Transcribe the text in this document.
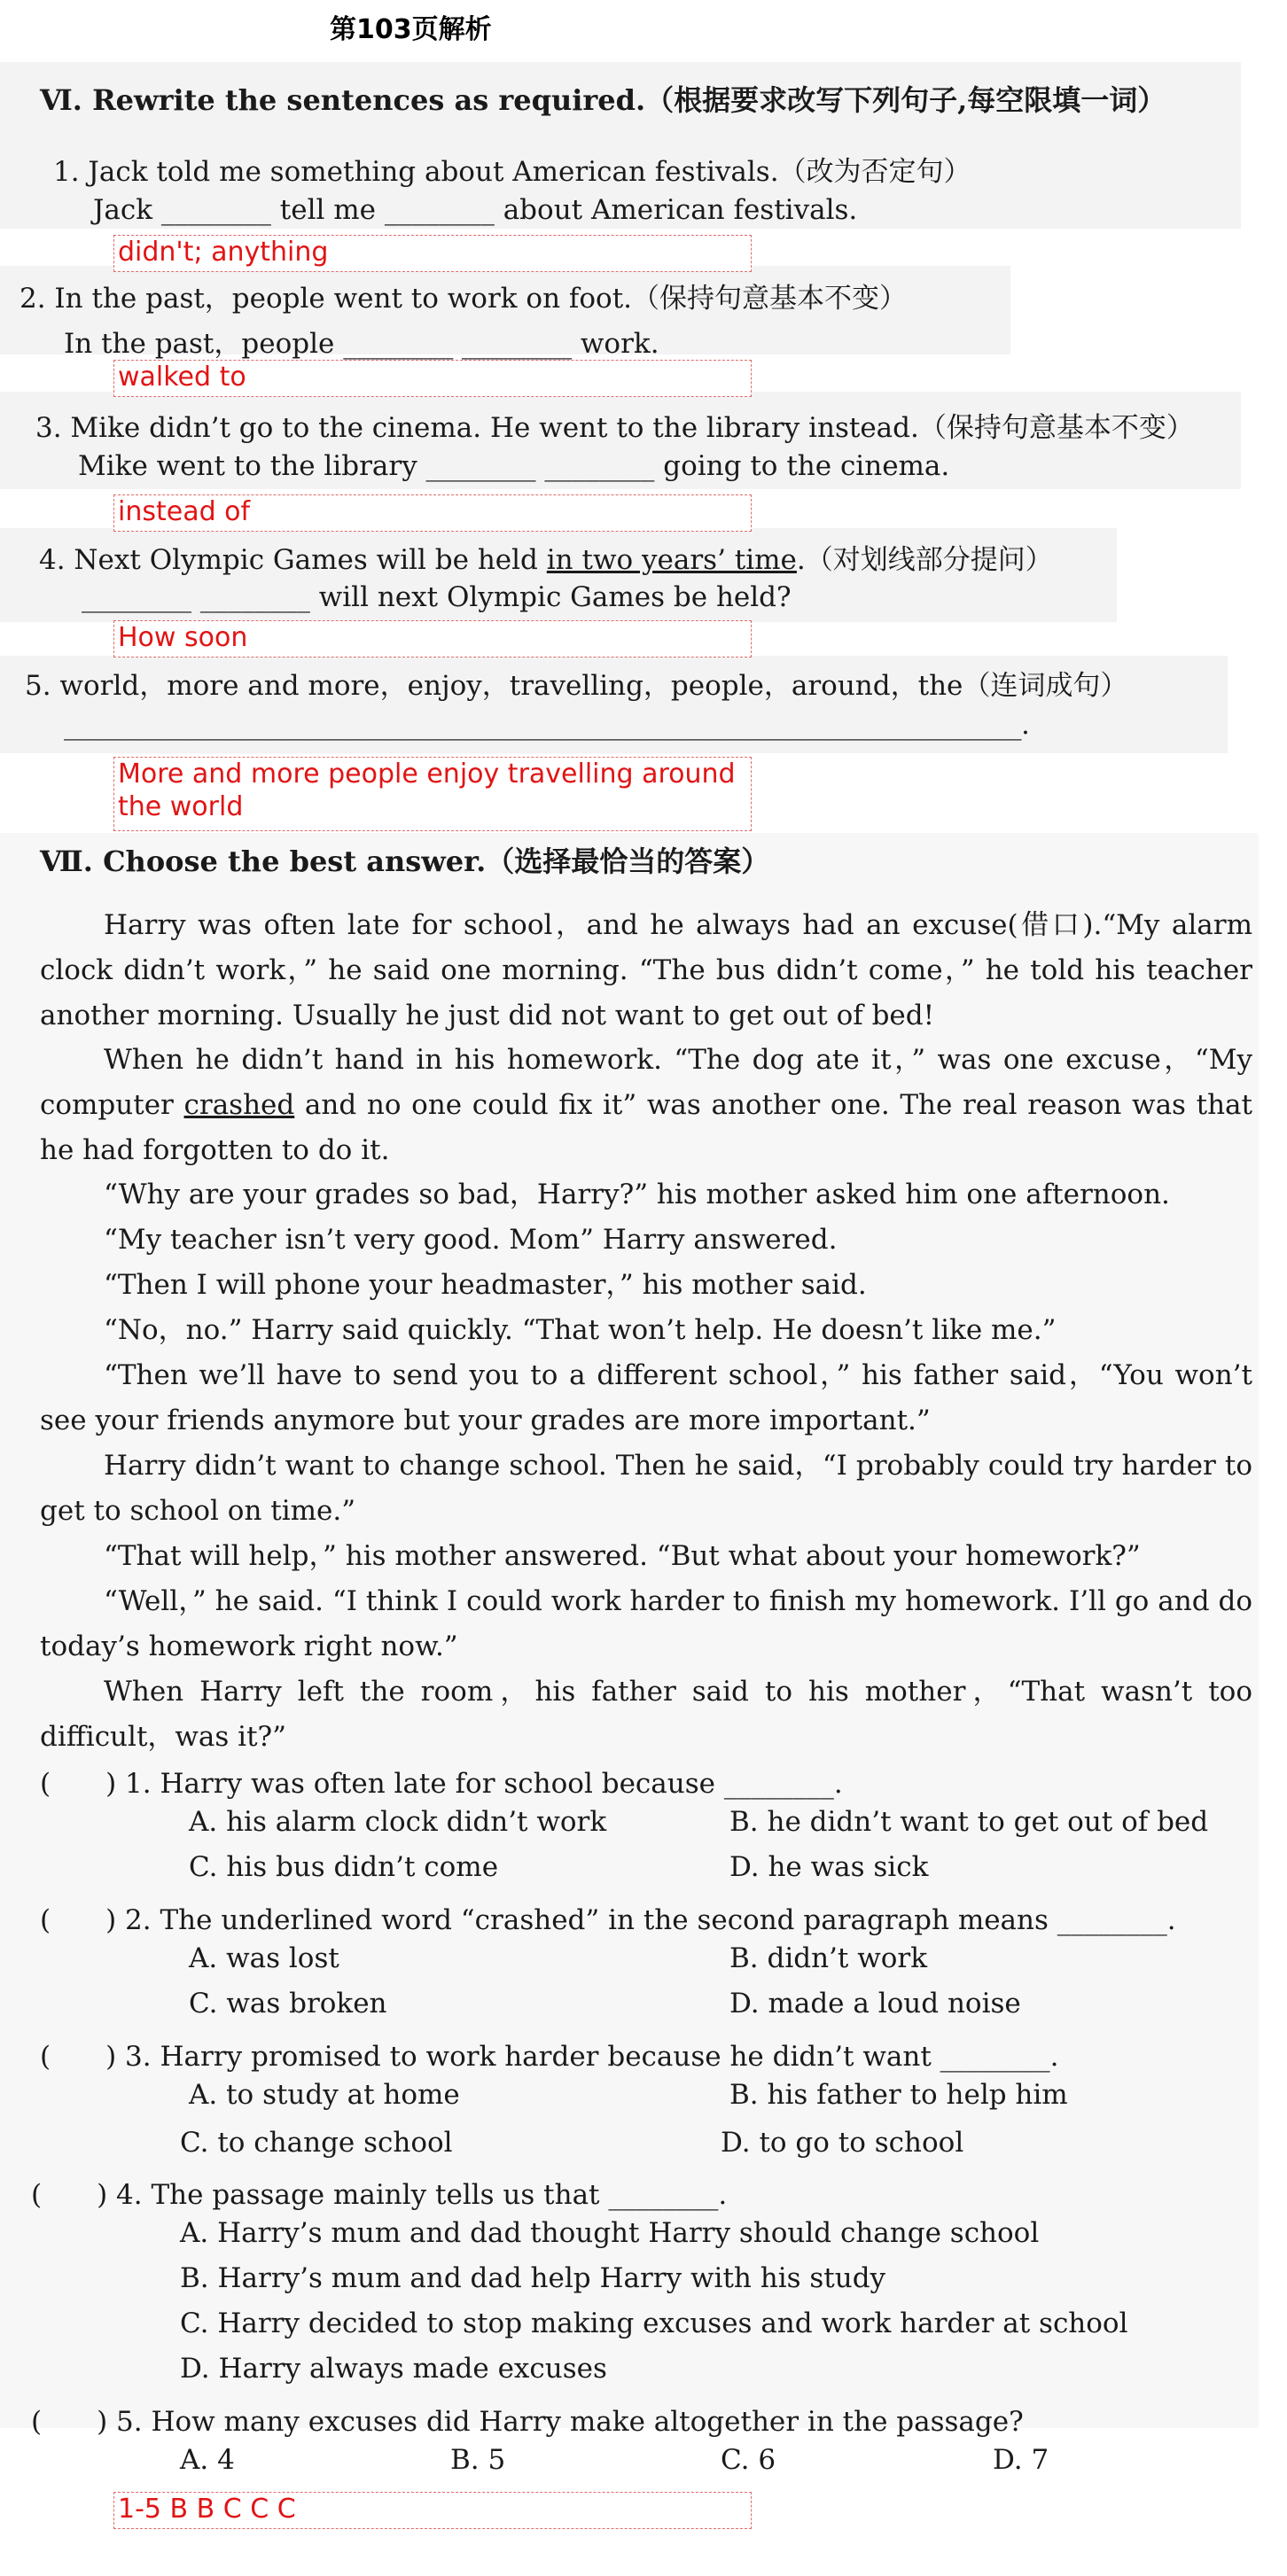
第103页解析
Ⅵ. Rewrite the sentences as required.（根据要求改写下列句子,每空限填一词）
1. Jack told me something about American festivals.（改为否定句）
Jack ________ tell me ________ about American festivals.
didn't; anything
2. In the past，people went to work on foot.（保持句意基本不变）
In the past，people ________ ________ work.
walked to
3. Mike didn’t go to the cinema. He went to the library instead.（保持句意基本不变）
Mike went to the library ________ ________ going to the cinema.
instead of
4. Next Olympic Games will be held in two years’ time.（对划线部分提问）
________ ________ will next Olympic Games be held?
How soon
5. world，more and more，enjoy，travelling，people，around，the（连词成句）
________________________________________________________________________.
More and more people enjoy travelling around the world
Ⅶ. Choose the best answer.（选择最恰当的答案）
Harry was often late for school，and he always had an excuse(借口).“My alarm clock didn’t work，” he said one morning. “The bus didn’t come，” he told his teacher another morning. Usually he just did not want to get out of bed!
When he didn’t hand in his homework. “The dog ate it，” was one excuse，“My computer crashed and no one could fix it” was another one. The real reason was that he had forgotten to do it.
“Why are your grades so bad，Harry?” his mother asked him one afternoon.
“My teacher isn’t very good. Mom” Harry answered.
“Then I will phone your headmaster，” his mother said.
“No，no.” Harry said quickly. “That won’t help. He doesn’t like me.”
“Then we’ll have to send you to a different school，” his father said，“You won’t see your friends anymore but your grades are more important.”
Harry didn’t want to change school. Then he said，“I probably could try harder to get to school on time.”
“That will help，” his mother answered. “But what about your homework?”
“Well，” he said. “I think I could work harder to finish my homework. I’ll go and do today’s homework right now.”
When Harry left the room，his father said to his mother，“That wasn’t too difficult，was it?”
(　　) 1. Harry was often late for school because ________.
A. his alarm clock didn’t work	B. he didn’t want to get out of bed
C. his bus didn’t come	D. he was sick
(　　) 2. The underlined word “crashed” in the second paragraph means ________.
A. was lost	B. didn’t work
C. was broken	D. made a loud noise
(　　) 3. Harry promised to work harder because he didn’t want ________.
A. to study at home	B. his father to help him
C. to change school	D. to go to school
(　　) 4. The passage mainly tells us that ________.
A. Harry’s mum and dad thought Harry should change school
B. Harry’s mum and dad help Harry with his study
C. Harry decided to stop making excuses and work harder at school
D. Harry always made excuses
(　　) 5. How many excuses did Harry make altogether in the passage?
A. 4	B. 5	C. 6	D. 7
1-5 B B C C C
